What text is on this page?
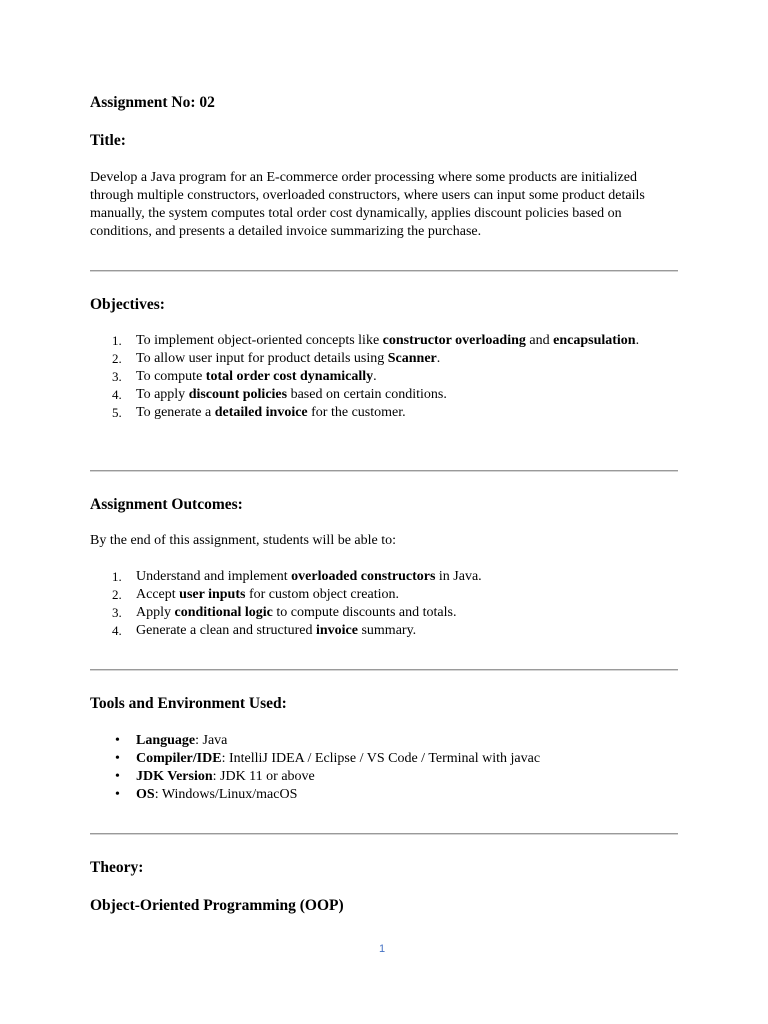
Assignment No: 02
Title:
Develop a Java program for an E-commerce order processing where some products are initialized through multiple constructors, overloaded constructors, where users can input some product details manually, the system computes total order cost dynamically, applies discount policies based on conditions, and presents a detailed invoice summarizing the purchase.
Objectives:
1. To implement object-oriented concepts like constructor overloading and encapsulation.
2. To allow user input for product details using Scanner.
3. To compute total order cost dynamically.
4. To apply discount policies based on certain conditions.
5. To generate a detailed invoice for the customer.
Assignment Outcomes:
By the end of this assignment, students will be able to:
1. Understand and implement overloaded constructors in Java.
2. Accept user inputs for custom object creation.
3. Apply conditional logic to compute discounts and totals.
4. Generate a clean and structured invoice summary.
Tools and Environment Used:
• Language: Java
• Compiler/IDE: IntelliJ IDEA / Eclipse / VS Code / Terminal with javac
• JDK Version: JDK 11 or above
• OS: Windows/Linux/macOS
Theory:
Object-Oriented Programming (OOP)
1
